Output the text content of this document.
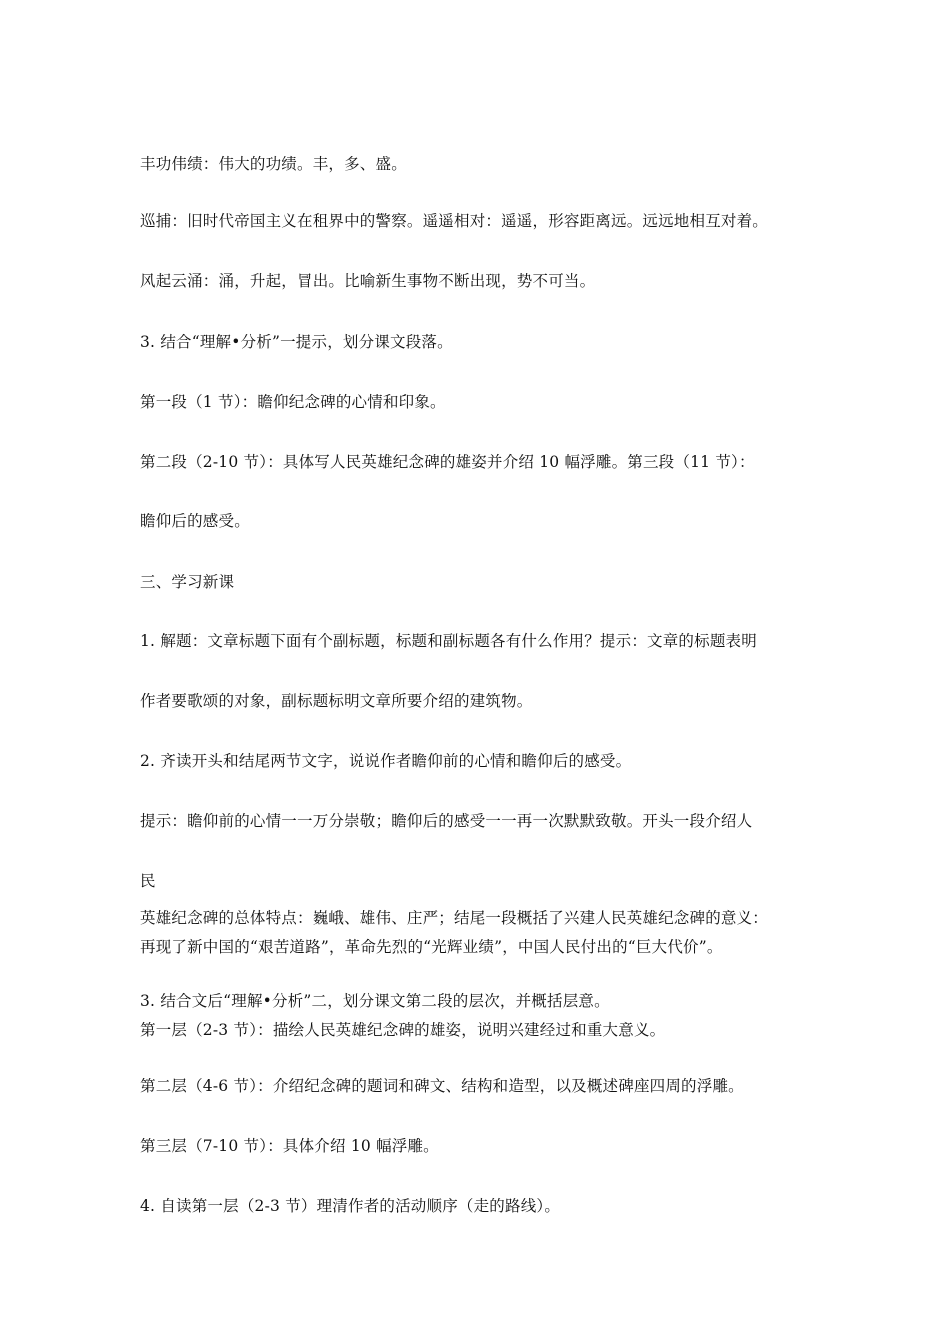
丰功伟绩：伟大的功绩。丰，多、盛。

巡捕：旧时代帝国主义在租界中的警察。遥遥相对：遥遥，形容距离远。远远地相互对着。

风起云涌：涌，升起，冒出。比喻新生事物不断出现，势不可当。

3. 结合“理解•分析”一提示，划分课文段落。

第一段（1 节）：瞻仰纪念碑的心情和印象。

第二段（2-10 节）：具体写人民英雄纪念碑的雄姿并介绍 10 幅浮雕。第三段（11 节）：

瞻仰后的感受。

三、学习新课

1. 解题：文章标题下面有个副标题，标题和副标题各有什么作用？提示：文章的标题表明

作者要歌颂的对象，副标题标明文章所要介绍的建筑物。

2. 齐读开头和结尾两节文字，说说作者瞻仰前的心情和瞻仰后的感受。

提示：瞻仰前的心情一一万分崇敬；瞻仰后的感受一一再一次默默致敬。开头一段介绍人

民

英雄纪念碑的总体特点：巍峨、雄伟、庄严；结尾一段概括了兴建人民英雄纪念碑的意义：

再现了新中国的“艰苦道路”，革命先烈的“光辉业绩”，中国人民付出的“巨大代价”。

3. 结合文后“理解•分析”二，划分课文第二段的层次，并概括层意。

第一层（2-3 节）：描绘人民英雄纪念碑的雄姿，说明兴建经过和重大意义。

第二层（4-6 节）：介绍纪念碑的题词和碑文、结构和造型，以及概述碑座四周的浮雕。

第三层（7-10 节）：具体介绍 10 幅浮雕。

4. 自读第一层（2-3 节）理清作者的活动顺序（走的路线）。
